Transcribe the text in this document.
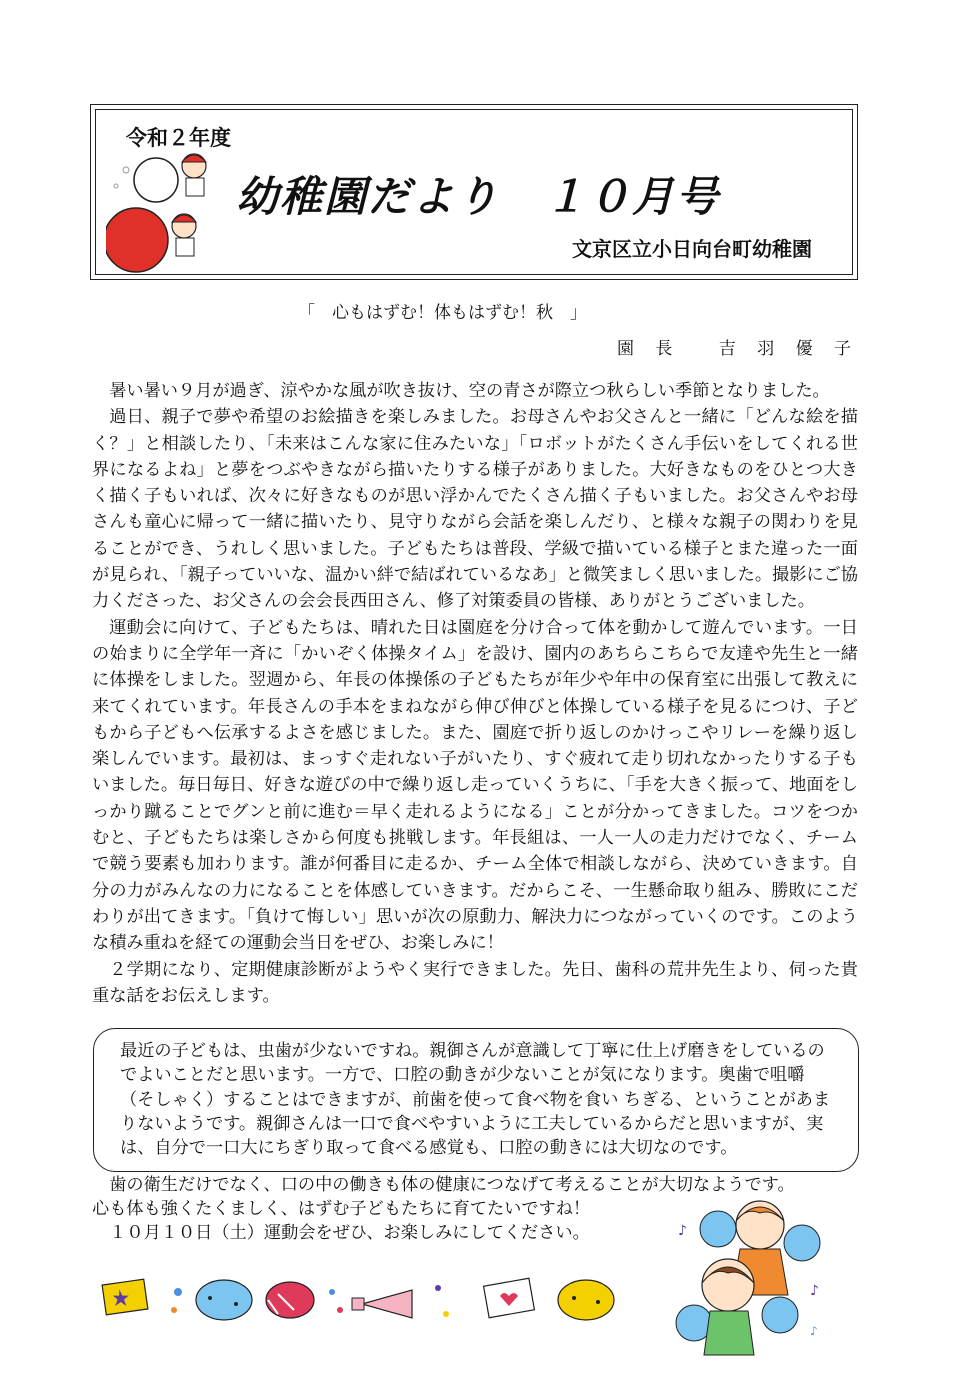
令和２年度
幼稚園だより　１０月号
文京区立小日向台町幼稚園
「　心もはずむ！体もはずむ！秋　」
園 長　 吉 羽 優 子

暑い暑い９月が過ぎ、涼やかな風が吹き抜け、空の青さが際立つ秋らしい季節となりました。

過日、親子で夢や希望のお絵描きを楽しみました。お母さんやお父さんと一緒に「どんな絵を描く？」と相談したり、「未来はこんな家に住みたいな」「ロボットがたくさん手伝いをしてくれる世界になるよね」と夢をつぶやきながら描いたりする様子がありました。大好きなものをひとつ大きく描く子もいれば、次々に好きなものが思い浮かんでたくさん描く子もいました。お父さんやお母さんも童心に帰って一緒に描いたり、見守りながら会話を楽しんだり、と様々な親子の関わりを見ることができ、うれしく思いました。子どもたちは普段、学級で描いている様子とまた違った一面が見られ、「親子っていいな、温かい絆で結ばれているなあ」と微笑ましく思いました。撮影にご協力くださった、お父さんの会会長西田さん、修了対策委員の皆様、ありがとうございました。

運動会に向けて、子どもたちは、晴れた日は園庭を分け合って体を動かして遊んでいます。一日の始まりに全学年一斉に「かいぞく体操タイム」を設け、園内のあちらこちらで友達や先生と一緒に体操をしました。翌週から、年長の体操係の子どもたちが年少や年中の保育室に出張して教えに来てくれています。年長さんの手本をまねながら伸び伸びと体操している様子を見るにつけ、子どもから子どもへ伝承するよさを感じました。また、園庭で折り返しのかけっこやリレーを繰り返し楽しんでいます。最初は、まっすぐ走れない子がいたり、すぐ疲れて走り切れなかったりする子もいました。毎日毎日、好きな遊びの中で繰り返し走っていくうちに、「手を大きく振って、地面をしっかり蹴ることでグンと前に進む＝早く走れるようになる」ことが分かってきました。コツをつかむと、子どもたちは楽しさから何度も挑戦します。年長組は、一人一人の走力だけでなく、チームで競う要素も加わります。誰が何番目に走るか、チーム全体で相談しながら、決めていきます。自分の力がみんなの力になることを体感していきます。だからこそ、一生懸命取り組み、勝敗にこだわりが出てきます。「負けて悔しい」思いが次の原動力、解決力につながっていくのです。このような積み重ねを経ての運動会当日をぜひ、お楽しみに！

２学期になり、定期健康診断がようやく実行できました。先日、歯科の荒井先生より、伺った貴重な話をお伝えします。

最近の子どもは、虫歯が少ないですね。親御さんが意識して丁寧に仕上げ磨きをしているのでよいことだと思います。一方で、口腔の動きが少ないことが気になります。奥歯で咀嚼（そしゃく）することはできますが、前歯を使って食べ物を食い ちぎる、ということがあまりないようです。親御さんは一口で食べやすいように工夫しているからだと思いますが、実は、自分で一口大にちぎり取って食べる感覚も、口腔の動きには大切なのです。

歯の衛生だけでなく、口の中の働きも体の健康につなげて考えることが大切なようです。

心も体も強くたくましく、はずむ子どもたちに育てたいですね！

１０月１０日（土）運動会をぜひ、お楽しみにしてください。	♪
♪
♪
